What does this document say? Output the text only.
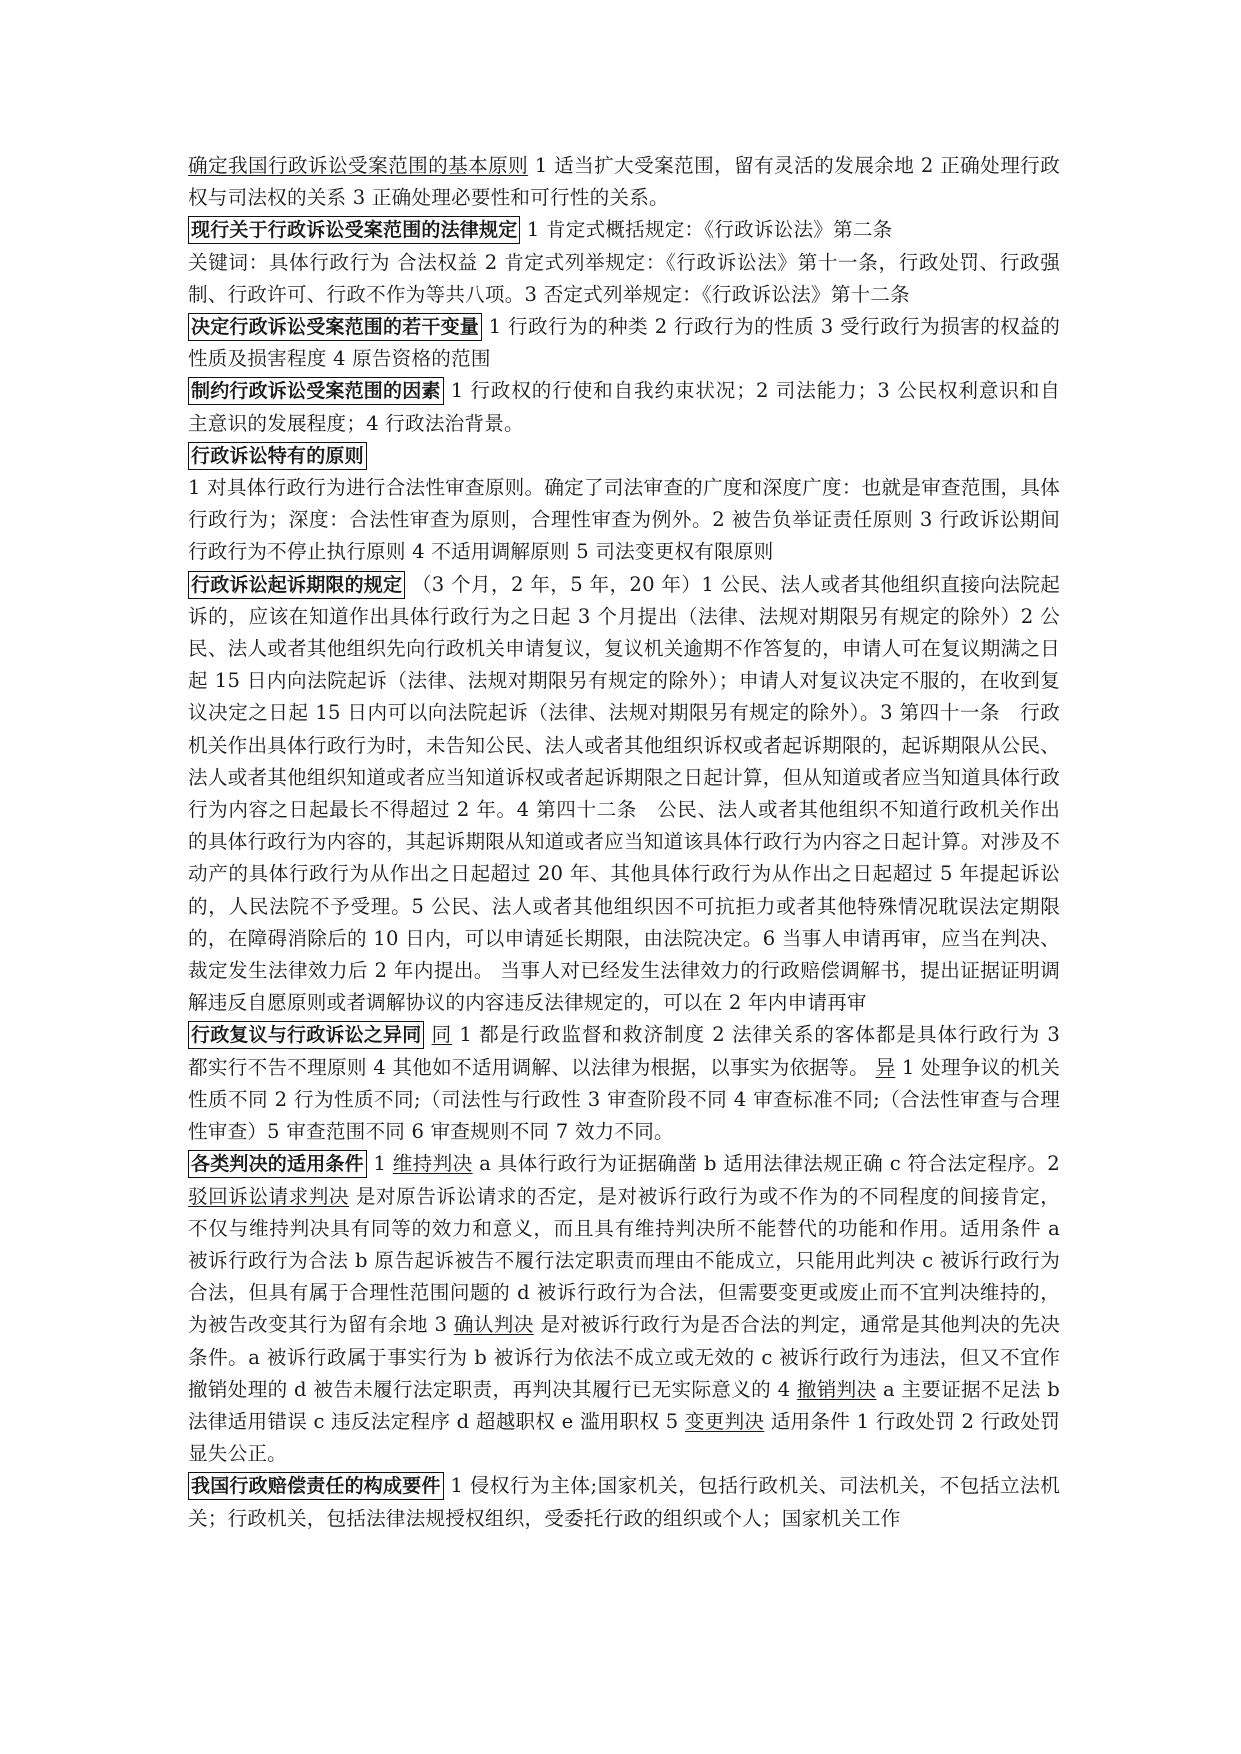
确定我国行政诉讼受案范围的基本原则 1 适当扩大受案范围，留有灵活的发展余地 2 正确处理行政权与司法权的关系 3 正确处理必要性和可行性的关系。

现行关于行政诉讼受案范围的法律规定 1 肯定式概括规定：《行政诉讼法》第二条

关键词：具体行政行为 合法权益 2 肯定式列举规定：《行政诉讼法》第十一条，行政处罚、行政强制、行政许可、行政不作为等共八项。3 否定式列举规定：《行政诉讼法》第十二条

决定行政诉讼受案范围的若干变量 1 行政行为的种类 2 行政行为的性质 3 受行政行为损害的权益的性质及损害程度 4 原告资格的范围

制约行政诉讼受案范围的因素 1 行政权的行使和自我约束状况；2 司法能力；3 公民权利意识和自主意识的发展程度；4 行政法治背景。

行政诉讼特有的原则

1 对具体行政行为进行合法性审查原则。确定了司法审查的广度和深度广度：也就是审查范围，具体行政行为；深度：合法性审查为原则，合理性审查为例外。2 被告负举证责任原则 3 行政诉讼期间行政行为不停止执行原则 4 不适用调解原则 5 司法变更权有限原则

行政诉讼起诉期限的规定 （3 个月，2 年，5 年，20 年）1 公民、法人或者其他组织直接向法院起诉的，应该在知道作出具体行政行为之日起 3 个月提出（法律、法规对期限另有规定的除外）2 公民、法人或者其他组织先向行政机关申请复议，复议机关逾期不作答复的，申请人可在复议期满之日起 15 日内向法院起诉（法律、法规对期限另有规定的除外）；申请人对复议决定不服的，在收到复议决定之日起 15 日内可以向法院起诉（法律、法规对期限另有规定的除外）。3 第四十一条　行政机关作出具体行政行为时，未告知公民、法人或者其他组织诉权或者起诉期限的，起诉期限从公民、法人或者其他组织知道或者应当知道诉权或者起诉期限之日起计算，但从知道或者应当知道具体行政行为内容之日起最长不得超过 2 年。4 第四十二条　公民、法人或者其他组织不知道行政机关作出的具体行政行为内容的，其起诉期限从知道或者应当知道该具体行政行为内容之日起计算。对涉及不动产的具体行政行为从作出之日起超过 20 年、其他具体行政行为从作出之日起超过 5 年提起诉讼的，人民法院不予受理。5 公民、法人或者其他组织因不可抗拒力或者其他特殊情况耽误法定期限的，在障碍消除后的 10 日内，可以申请延长期限，由法院决定。6 当事人申请再审，应当在判决、裁定发生法律效力后 2 年内提出。 当事人对已经发生法律效力的行政赔偿调解书，提出证据证明调解违反自愿原则或者调解协议的内容违反法律规定的，可以在 2 年内申请再审

行政复议与行政诉讼之异同 同 1 都是行政监督和救济制度 2 法律关系的客体都是具体行政行为 3 都实行不告不理原则 4 其他如不适用调解、以法律为根据，以事实为依据等。 异 1 处理争议的机关性质不同 2 行为性质不同;（司法性与行政性 3 审查阶段不同 4 审查标准不同;（合法性审查与合理性审查）5 审查范围不同 6 审查规则不同 7 效力不同。

各类判决的适用条件 1 维持判决 a 具体行政行为证据确凿 b 适用法律法规正确 c 符合法定程序。2 驳回诉讼请求判决 是对原告诉讼请求的否定，是对被诉行政行为或不作为的不同程度的间接肯定，不仅与维持判决具有同等的效力和意义，而且具有维持判决所不能替代的功能和作用。适用条件 a 被诉行政行为合法 b 原告起诉被告不履行法定职责而理由不能成立，只能用此判决 c 被诉行政行为合法，但具有属于合理性范围问题的 d 被诉行政行为合法，但需要变更或废止而不宜判决维持的，为被告改变其行为留有余地 3 确认判决 是对被诉行政行为是否合法的判定，通常是其他判决的先决条件。a 被诉行政属于事实行为 b 被诉行为依法不成立或无效的 c 被诉行政行为违法，但又不宜作撤销处理的 d 被告未履行法定职责，再判决其履行已无实际意义的 4 撤销判决 a 主要证据不足法 b 法律适用错误 c 违反法定程序 d 超越职权 e 滥用职权 5 变更判决 适用条件 1 行政处罚 2 行政处罚显失公正。

我国行政赔偿责任的构成要件 1 侵权行为主体;国家机关，包括行政机关、司法机关，不包括立法机关；行政机关，包括法律法规授权组织，受委托行政的组织或个人；国家机关工作
